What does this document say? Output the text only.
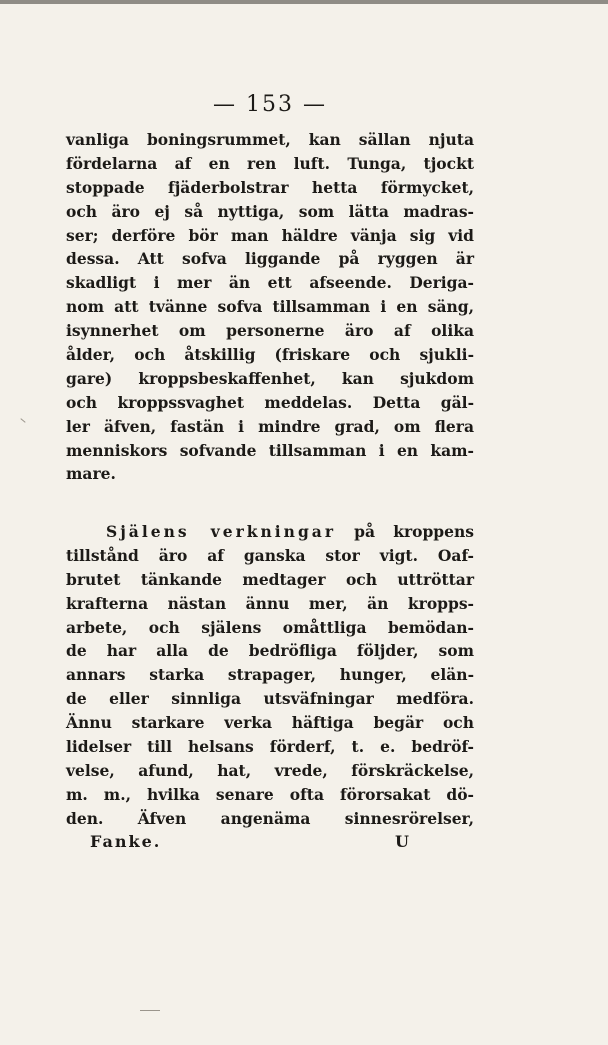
— 153 —
vanliga boningsrummet, kan sällan njuta
fördelarna af en ren luft. Tunga, tjockt
stoppade fjäderbolstrar hetta förmycket,
och äro ej så nyttiga, som lätta madras-
ser; derföre bör man häldre vänja sig vid
dessa. Att sofva liggande på ryggen är
skadligt i mer än ett afseende. Deriga-
nom att tvänne sofva tillsamman i en säng,
isynnerhet om personerne äro af olika
ålder, och åtskillig (friskare och sjukli-
gare) kroppsbeskaffenhet, kan sjukdom
och kroppssvaghet meddelas. Detta gäl-
ler äfven, fastän i mindre grad, om flera
menniskors sofvande tillsamman i en kam-
mare.
Själens verkningar på kroppens
tillstånd äro af ganska stor vigt. Oaf-
brutet tänkande medtager och uttröttar
krafterna nästan ännu mer, än kropps-
arbete, och själens omåttliga bemödan-
de har alla de bedröfliga följder, som
annars starka strapager, hunger, elän-
de eller sinnliga utsväfningar medföra.
Ännu starkare verka häftiga begär och
lidelser till helsans förderf, t. e. bedröf-
velse, afund, hat, vrede, förskräckelse,
m. m., hvilka senare ofta förorsakat dö-
den. Äfven angenäma sinnesrörelser,
Fanke.	U
